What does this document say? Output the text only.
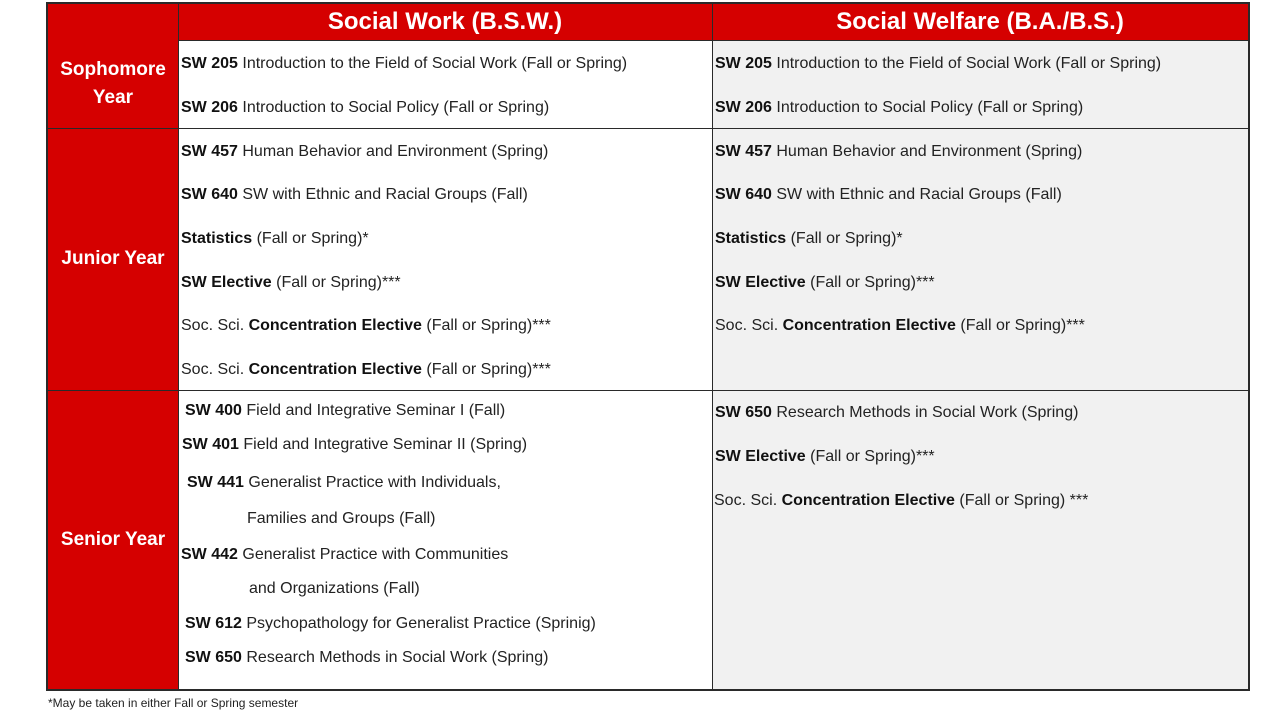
Social Work (B.S.W.)	Social Welfare (B.A./B.S.)
Sophomore Year
Junior Year
Senior Year
SW 205 Introduction to the Field of Social Work (Fall or Spring)
SW 206 Introduction to Social Policy (Fall or Spring)
SW 205 Introduction to the Field of Social Work (Fall or Spring)
SW 206 Introduction to Social Policy (Fall or Spring)
SW 457 Human Behavior and Environment (Spring)
SW 640 SW with Ethnic and Racial Groups (Fall)
Statistics (Fall or Spring)*
SW Elective (Fall or Spring)***
Soc. Sci. Concentration Elective (Fall or Spring)***
Soc. Sci. Concentration Elective (Fall or Spring)***
SW 457 Human Behavior and Environment (Spring)
SW 640 SW with Ethnic and Racial Groups (Fall)
Statistics (Fall or Spring)*
SW Elective (Fall or Spring)***
Soc. Sci. Concentration Elective (Fall or Spring)***
SW 400 Field and Integrative Seminar I (Fall)
SW 401 Field and Integrative Seminar II (Spring)
SW 441 Generalist Practice with Individuals,
Families and Groups (Fall)
SW 442 Generalist Practice with Communities
and Organizations (Fall)
SW 612 Psychopathology for Generalist Practice (Sprinig)
SW 650 Research Methods in Social Work (Spring)
SW 650 Research Methods in Social Work (Spring)
SW Elective (Fall or Spring)***
Soc. Sci. Concentration Elective (Fall or Spring) ***
*May be taken in either Fall or Spring semester
